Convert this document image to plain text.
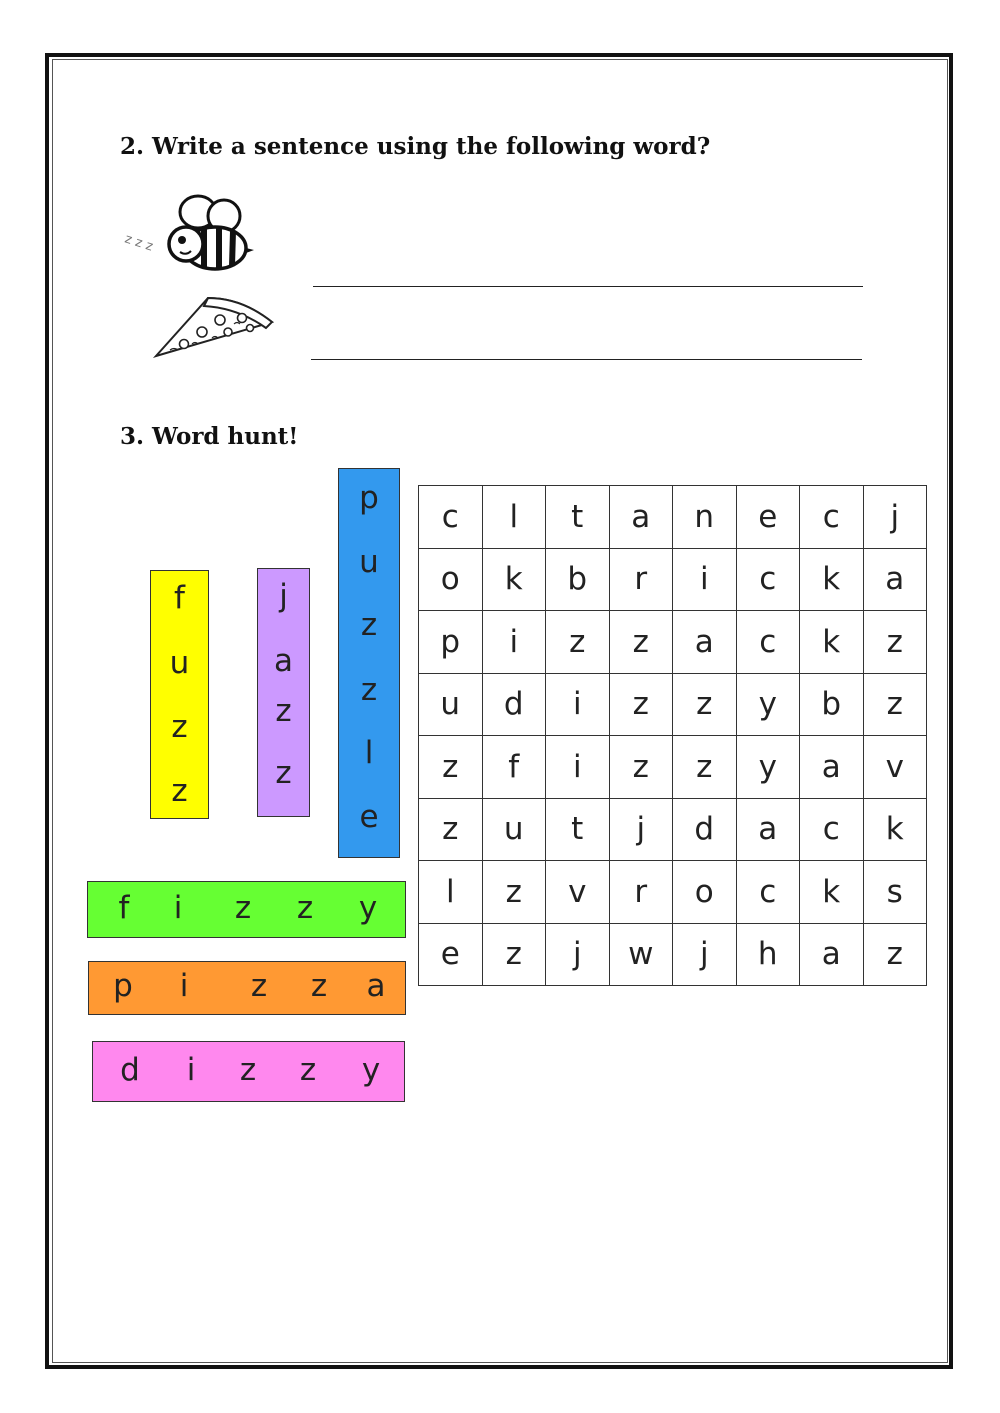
2. Write a sentence using the following word?
z z z
3. Word hunt!
f
u
z
z
j
a
z
z
p
u
z
z
l
e
f i z z y
p i z z a
d i z z y
c	l	t	a	n	e	c	j
o	k	b	r	i	c	k	a
p	i	z	z	a	c	k	z
u	d	i	z	z	y	b	z
z	f	i	z	z	y	a	v
z	u	t	j	d	a	c	k
l	z	v	r	o	c	k	s
e	z	j	w	j	h	a	z
